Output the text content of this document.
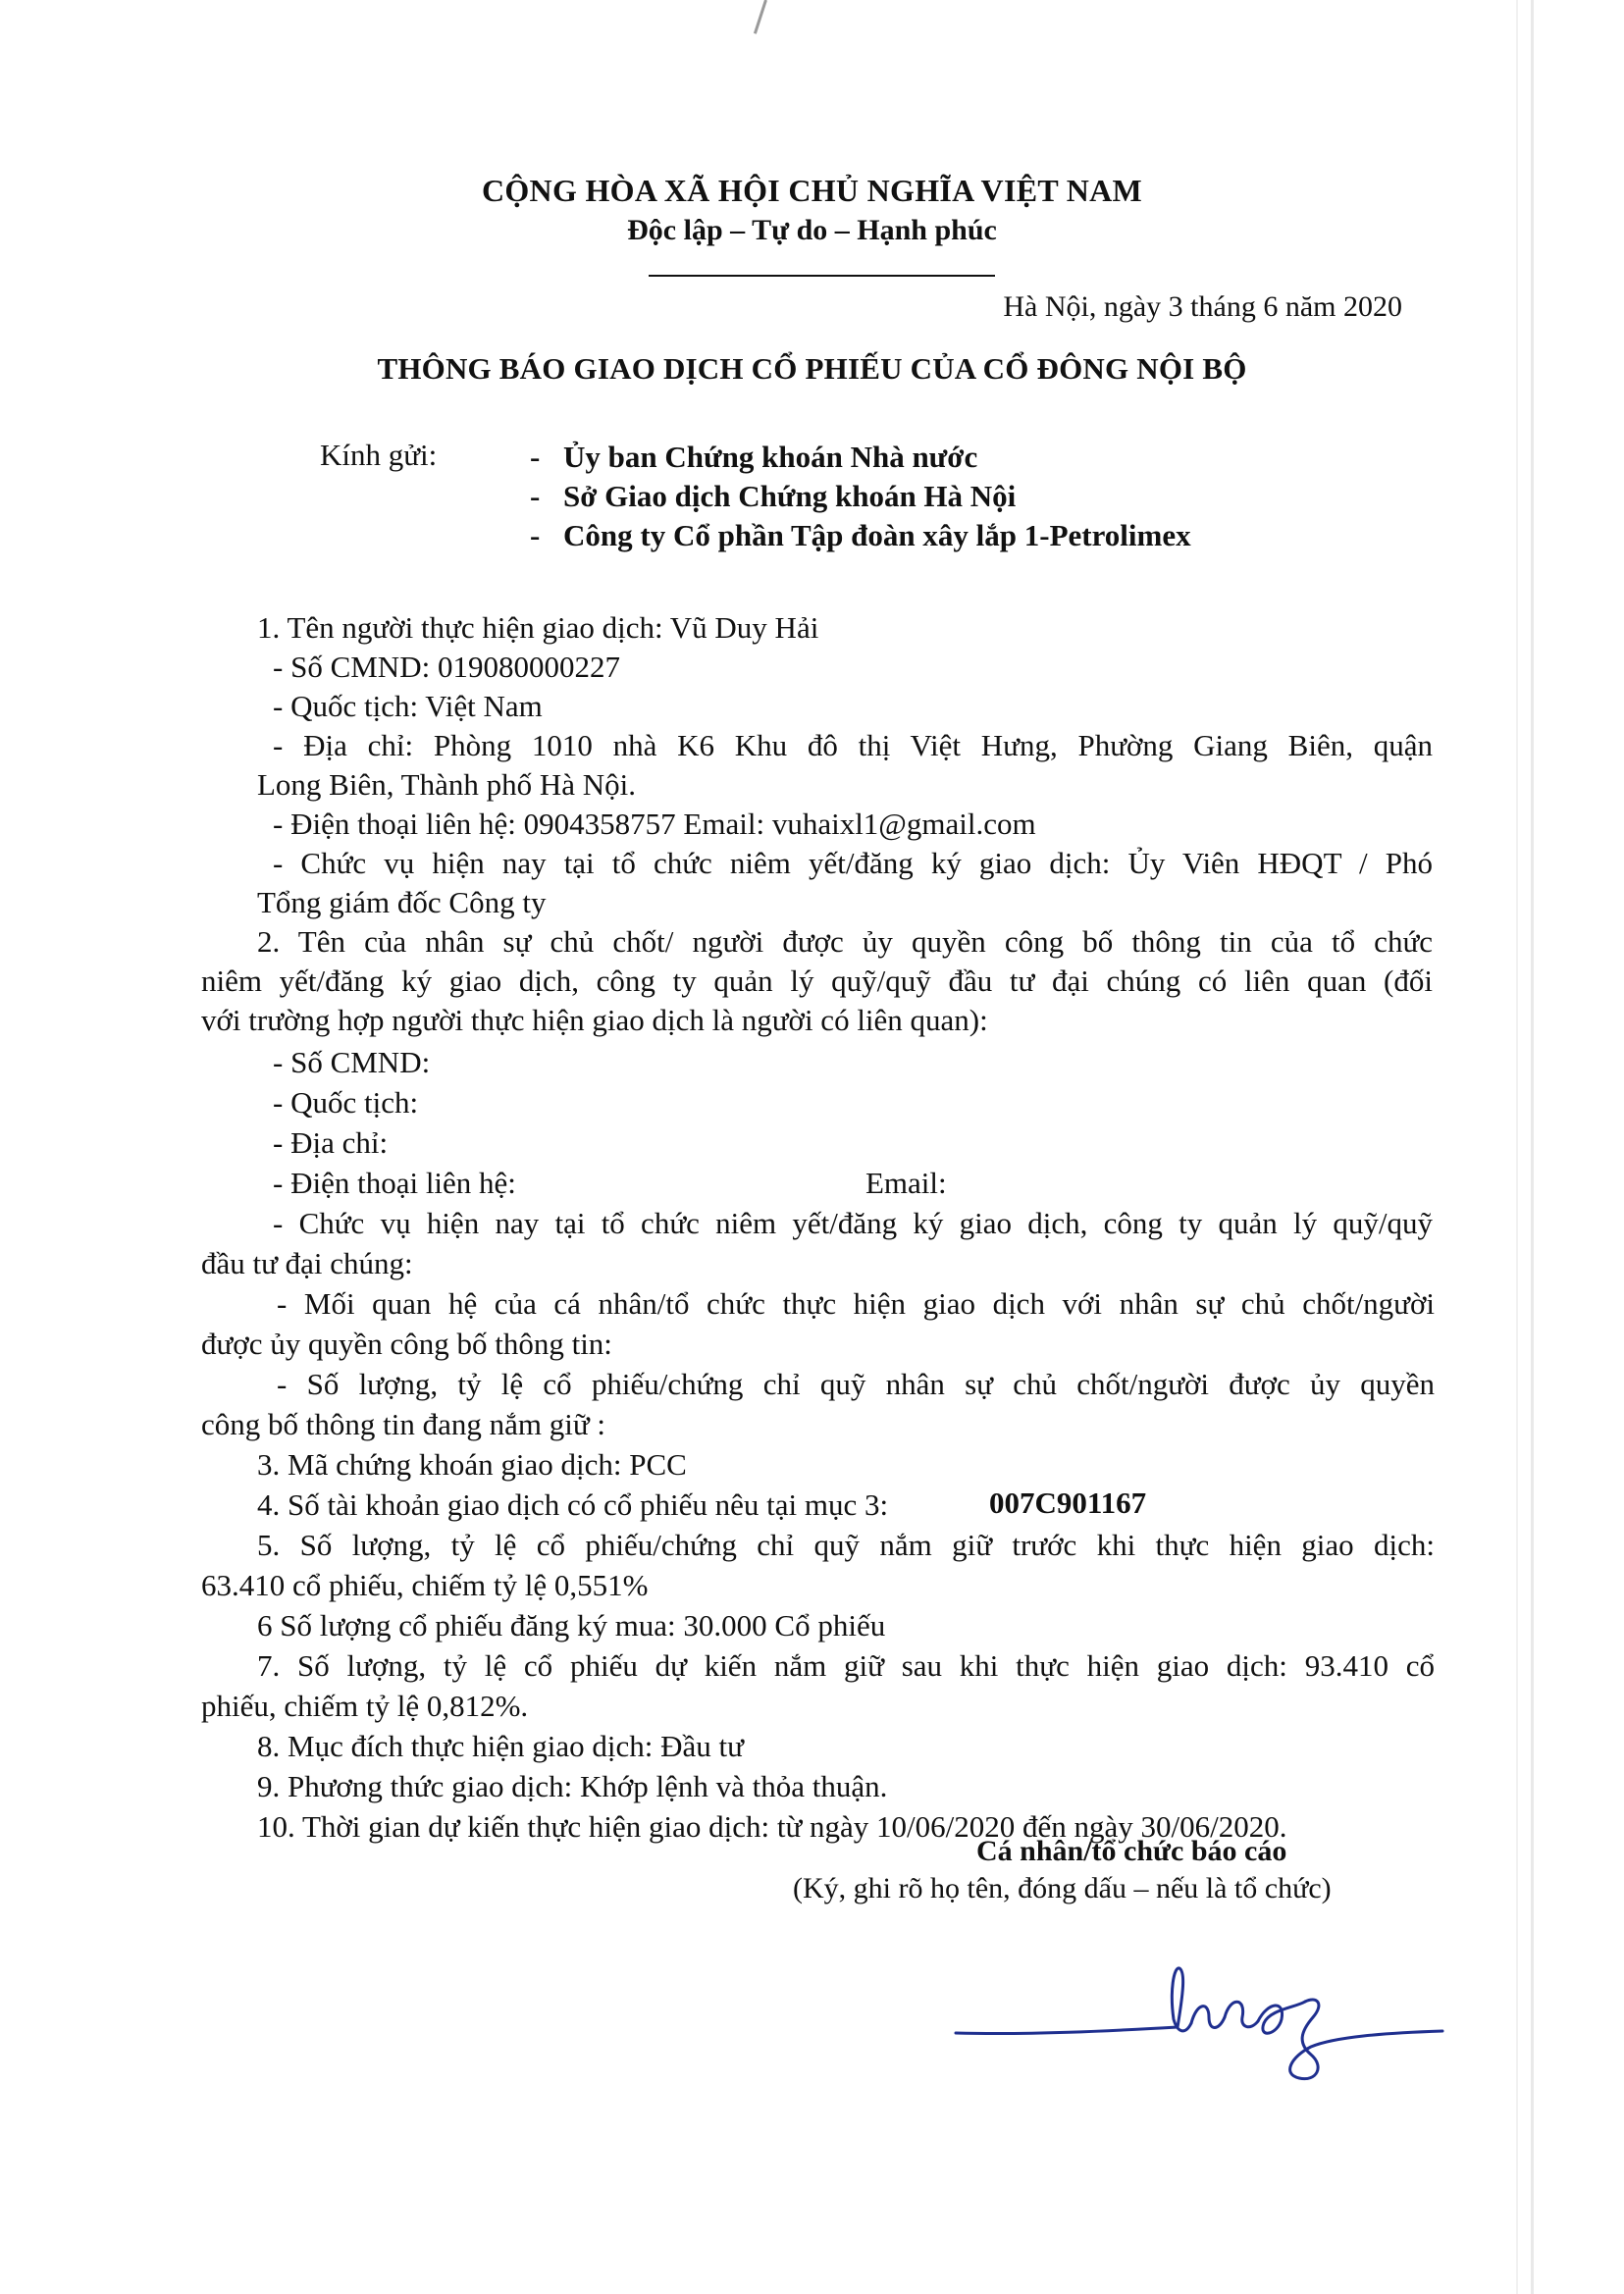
CỘNG HÒA XÃ HỘI CHỦ NGHĨA VIỆT NAM
Độc lập – Tự do – Hạnh phúc
Hà Nội, ngày 3 tháng 6 năm 2020
THÔNG BÁO GIAO DỊCH CỔ PHIẾU CỦA CỔ ĐÔNG NỘI BỘ
Kính gửi:	- Ủy ban Chứng khoán Nhà nước
- Sở Giao dịch Chứng khoán Hà Nội
- Công ty Cổ phần Tập đoàn xây lắp 1-Petrolimex
1. Tên người thực hiện giao dịch: Vũ Duy Hải
- Số CMND: 019080000227
- Quốc tịch: Việt Nam
- Địa chỉ: Phòng 1010 nhà K6 Khu đô thị Việt Hưng, Phường Giang Biên, quận
Long Biên, Thành phố Hà Nội.
- Điện thoại liên hệ: 0904358757 Email: vuhaixl1@gmail.com
- Chức vụ hiện nay tại tổ chức niêm yết/đăng ký giao dịch: Ủy Viên HĐQT / Phó
Tổng giám đốc Công ty
2. Tên của nhân sự chủ chốt/ người được ủy quyền công bố thông tin của tổ chức
niêm yết/đăng ký giao dịch, công ty quản lý quỹ/quỹ đầu tư đại chúng có liên quan (đối
với trường hợp người thực hiện giao dịch là người có liên quan):
- Số CMND:
- Quốc tịch:
- Địa chỉ:
- Điện thoại liên hệ:	Email:
- Chức vụ hiện nay tại tổ chức niêm yết/đăng ký giao dịch, công ty quản lý quỹ/quỹ
đầu tư đại chúng:
- Mối quan hệ của cá nhân/tổ chức thực hiện giao dịch với nhân sự chủ chốt/người
được ủy quyền công bố thông tin:
- Số lượng, tỷ lệ cổ phiếu/chứng chỉ quỹ nhân sự chủ chốt/người được ủy quyền
công bố thông tin đang nắm giữ :
3. Mã chứng khoán giao dịch: PCC
4. Số tài khoản giao dịch có cổ phiếu nêu tại mục 3:	007C901167
5. Số lượng, tỷ lệ cổ phiếu/chứng chỉ quỹ nắm giữ trước khi thực hiện giao dịch:
63.410 cổ phiếu, chiếm tỷ lệ 0,551%
6 Số lượng cổ phiếu đăng ký mua: 30.000 Cổ phiếu
7. Số lượng, tỷ lệ cổ phiếu dự kiến nắm giữ sau khi thực hiện giao dịch: 93.410 cổ
phiếu, chiếm tỷ lệ 0,812%.
8. Mục đích thực hiện giao dịch: Đầu tư
9. Phương thức giao dịch: Khớp lệnh và thỏa thuận.
10. Thời gian dự kiến thực hiện giao dịch: từ ngày 10/06/2020 đến ngày 30/06/2020.
Cá nhân/tổ chức báo cáo
(Ký, ghi rõ họ tên, đóng dấu – nếu là tổ chức)
